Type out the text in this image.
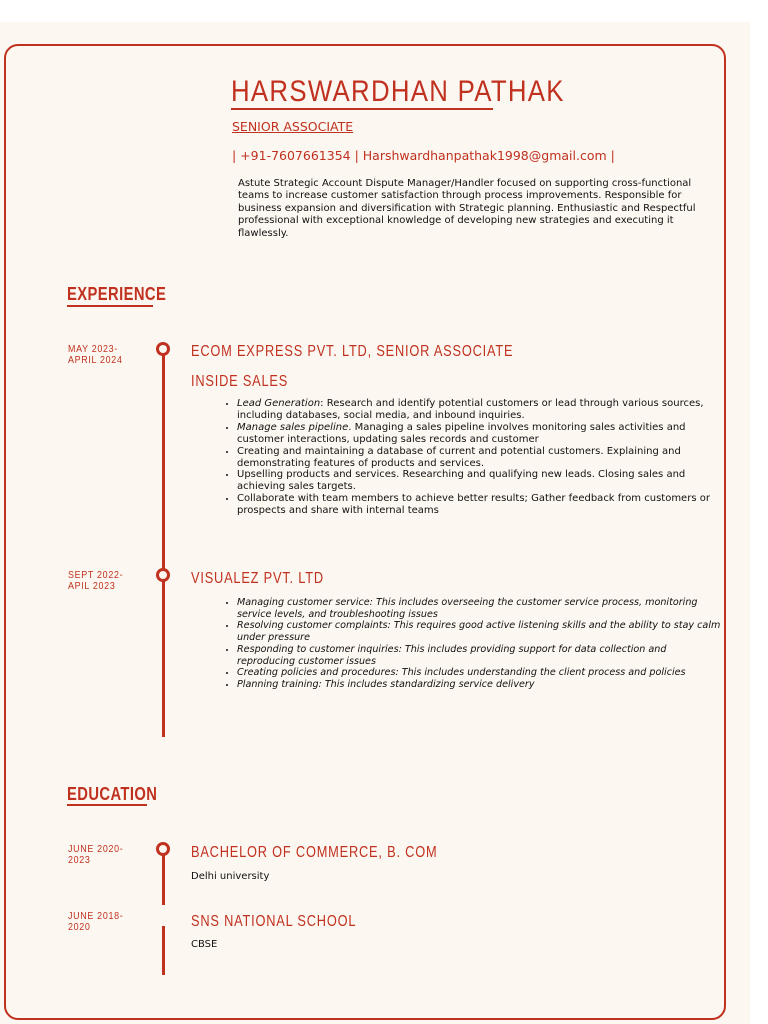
HARSWARDHAN PATHAK
SENIOR ASSOCIATE
| +91-7607661354 | Harshwardhanpathak1998@gmail.com |

Astute Strategic Account Dispute Manager/Handler focused on supporting cross-functional teams to increase customer satisfaction through process improvements. Responsible for business expansion and diversification with Strategic planning. Enthusiastic and Respectful professional with exceptional knowledge of developing new strategies and executing it flawlessly.

EXPERIENCE
MAY 2023-
APRIL 2024	ECOM EXPRESS PVT. LTD, SENIOR ASSOCIATE
INSIDE SALES
• Lead Generation: Research and identify potential customers or lead through various sources, including databases, social media, and inbound inquiries.
• Manage sales pipeline. Managing a sales pipeline involves monitoring sales activities and customer interactions, updating sales records and customer
• Creating and maintaining a database of current and potential customers. Explaining and demonstrating features of products and services.
• Upselling products and services. Researching and qualifying new leads. Closing sales and achieving sales targets.
• Collaborate with team members to achieve better results; Gather feedback from customers or prospects and share with internal teams
SEPT 2022-
APIL 2023	VISUALEZ PVT. LTD
• Managing customer service: This includes overseeing the customer service process, monitoring service levels, and troubleshooting issues
• Resolving customer complaints: This requires good active listening skills and the ability to stay calm under pressure
• Responding to customer inquiries: This includes providing support for data collection and reproducing customer issues
• Creating policies and procedures: This includes understanding the client process and policies
• Planning training: This includes standardizing service delivery
EDUCATION
JUNE 2020-
2023	BACHELOR OF COMMERCE, B. COM
Delhi university
JUNE 2018-
2020	SNS NATIONAL SCHOOL
CBSE
